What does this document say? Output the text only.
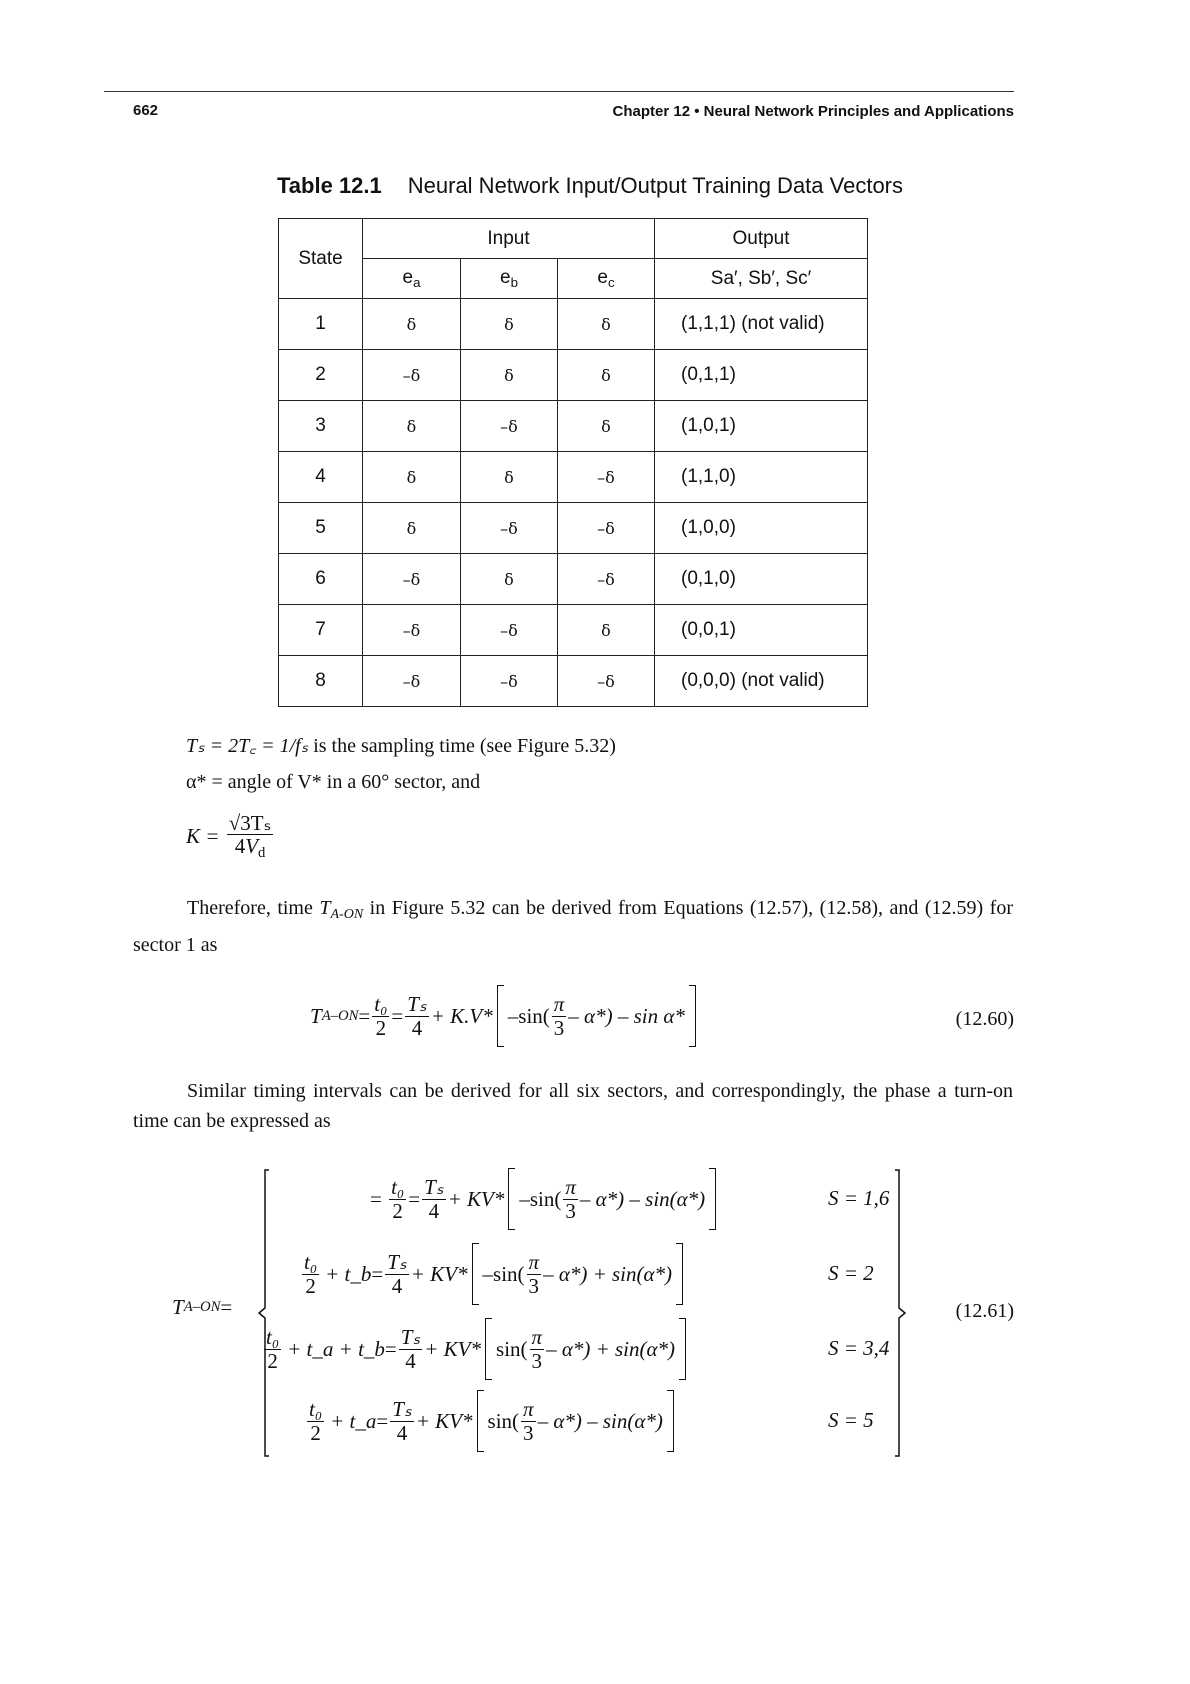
662	Chapter 12 • Neural Network Principles and Applications
Table 12.1 Neural Network Input/Output Training Data Vectors
State	Input			Output
	$e_a$	$e_b$	$e_c$	Sa′, Sb′, Sc′
1	δ	δ	δ	(1,1,1) (not valid)
2	–δ	δ	δ	(0,1,1)
3	δ	–δ	δ	(1,0,1)
4	δ	δ	–δ	(1,1,0)
5	δ	–δ	–δ	(1,0,0)
6	–δ	δ	–δ	(0,1,0)
7	–δ	–δ	δ	(0,0,1)
8	–δ	–δ	–δ	(0,0,0) (not valid)
Tₛ = 2T꜀ = 1/fₛ is the sampling time (see Figure 5.32)
α* = angle of V* in a 60° sector, and
K =
$\frac{\text{√3Tₛ}}{4V_d}$
Therefore, time $T_{A-ON}$ in Figure 5.32 can be derived from Equations (12.57), (12.58), and (12.59) for sector 1 as
T $A-ON = \frac{\text{t₀}}{2} = \frac{\text{Tₛ}}{4} + K.V*$ $-\sin( \frac{\pi}{3} - \alpha*)$ – sin α*	(12.60)
Similar timing intervals can be derived for all six sectors, and correspondingly, the phase a turn-on time can be expressed as
T A–ON =	(12.61)
=
$\frac{\text{t₀}}{2} = \frac{\text{Tₛ}}{4} + KV*$ $-\sin( \frac{\pi}{3} - \alpha*) - \sin(\alpha*)$	S = 1,6
$\frac{\text{t₀}}{2}$ + t_b = $\frac{\text{Tₛ}}{4} + KV*$ $-\sin( \frac{\pi}{3} - \alpha*) + \sin(\alpha*)$	S = 2
$\frac{\text{t₀}}{2}$ + t_a + t_b = $\frac{\text{Tₛ}}{4} + KV*$ $\sin( \frac{\pi}{3} - \alpha*) + \sin(\alpha*)$	S = 3,4
$\frac{\text{t₀}}{2}$ + t_a = $\frac{\text{Tₛ}}{4} + KV*$ $\sin( \frac{\pi}{3} - \alpha*) - \sin(\alpha*)$	S = 5
